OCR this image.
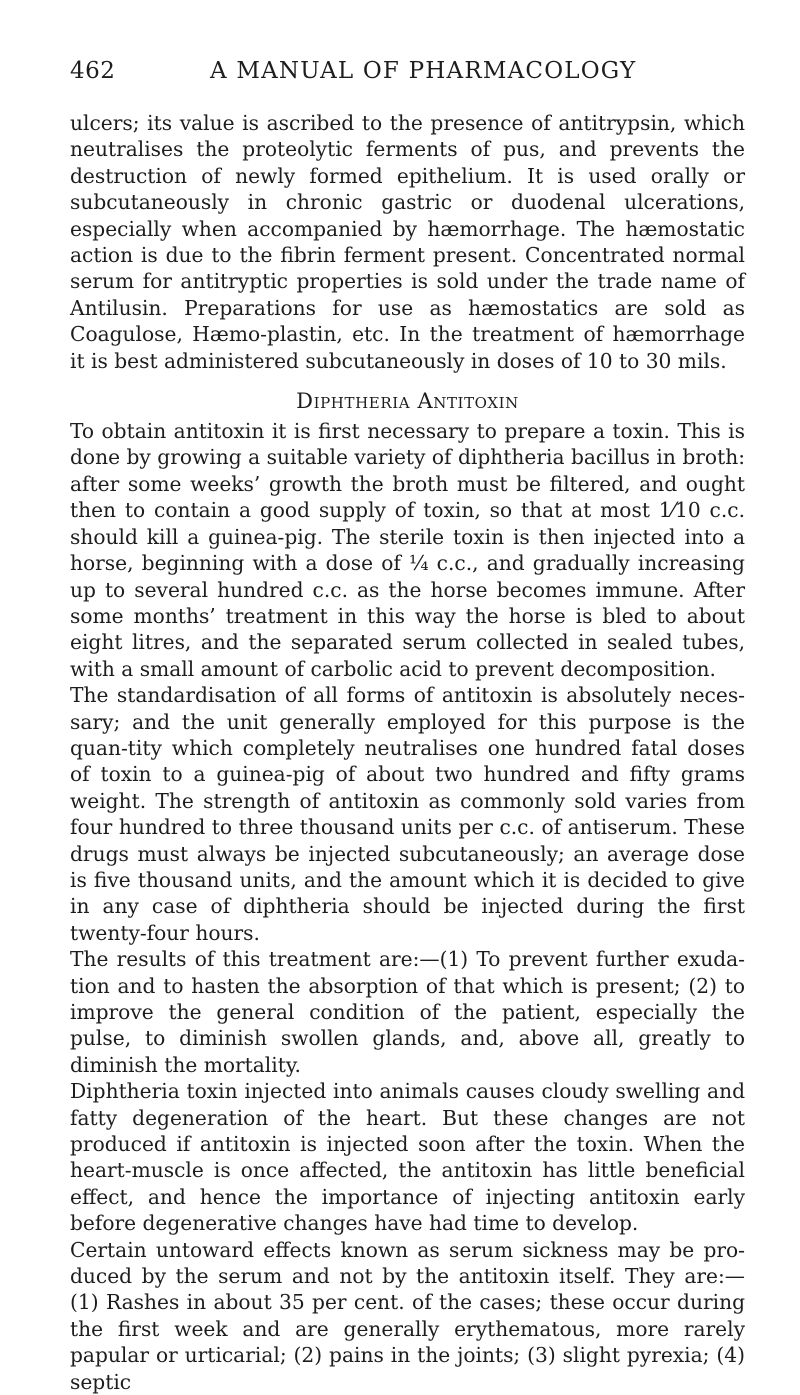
462	A MANUAL OF PHARMACOLOGY

ulcers; its value is ascribed to the presence of antitrypsin, which neutralises the proteolytic ferments of pus, and prevents the destruction of newly formed epithelium. It is used orally or subcutaneously in chronic gastric or duodenal ulcerations, especially when accompanied by hæmorrhage. The hæmostatic action is due to the fibrin ferment present. Concentrated normal serum for antitryptic properties is sold under the trade name of Antilusin. Preparations for use as hæmostatics are sold as Coagulose, Hæmo-plastin, etc. In the treatment of hæmorrhage it is best administered subcutaneously in doses of 10 to 30 mils.

Diphtheria Antitoxin

To obtain antitoxin it is first necessary to prepare a toxin. This is done by growing a suitable variety of diphtheria bacillus in broth: after some weeks’ growth the broth must be filtered, and ought then to contain a good supply of toxin, so that at most 1⁄10 c.c. should kill a guinea-pig. The sterile toxin is then injected into a horse, beginning with a dose of ¼ c.c., and gradually increasing up to several hundred c.c. as the horse becomes immune. After some months’ treatment in this way the horse is bled to about eight litres, and the separated serum collected in sealed tubes, with a small amount of carbolic acid to prevent decomposition.

The standardisation of all forms of antitoxin is absolutely neces-sary; and the unit generally employed for this purpose is the quan-tity which completely neutralises one hundred fatal doses of toxin to a guinea-pig of about two hundred and fifty grams weight. The strength of antitoxin as commonly sold varies from four hundred to three thousand units per c.c. of antiserum. These drugs must always be injected subcutaneously; an average dose is five thousand units, and the amount which it is decided to give in any case of diphtheria should be injected during the first twenty-four hours.

The results of this treatment are:—(1) To prevent further exuda-tion and to hasten the absorption of that which is present; (2) to improve the general condition of the patient, especially the pulse, to diminish swollen glands, and, above all, greatly to diminish the mortality.

Diphtheria toxin injected into animals causes cloudy swelling and fatty degeneration of the heart. But these changes are not produced if antitoxin is injected soon after the toxin. When the heart-muscle is once affected, the antitoxin has little beneficial effect, and hence the importance of injecting antitoxin early before degenerative changes have had time to develop.

Certain untoward effects known as serum sickness may be pro-duced by the serum and not by the antitoxin itself. They are:— (1) Rashes in about 35 per cent. of the cases; these occur during the first week and are generally erythematous, more rarely papular or urticarial; (2) pains in the joints; (3) slight pyrexia; (4) septic
